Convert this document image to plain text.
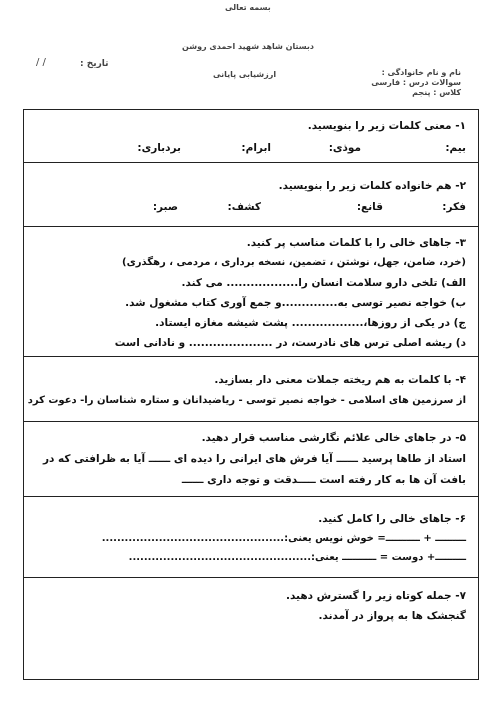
بسمه تعالی
دبستان شاهد شهید احمدی روشن
ارزشیابی پایانی
تاریخ :
/ /
نام و نام خانوادگی :
سوالات درس : فارسی
کلاس : پنجم
۱- معنی کلمات زیر را بنویسید.
بیم:
موذی:
ابرام:
بردباری:
۲- هم خانواده کلمات زیر را بنویسید.
فکر:
قانع:
کشف:
صبر:
۳- جاهای خالی را با کلمات مناسب پر کنید.
(خرد، ضامن، جهل، نوشتن ، تضمین، نسخه برداری ، مردمی ، رهگذری)
الف) تلخی دارو سلامت انسان را.................. می کند.
ب) خواجه نصیر توسی به..............و جمع آوری کتاب مشغول شد.
ج) در یکی از روزها،.................. پشت شیشه مغازه ایستاد.
د) ریشه اصلی ترس های نادرست، در ..................... و نادانی است
۴- با کلمات به هم ریخته جملات معنی دار بسازید.
از سرزمین های اسلامی - خواجه نصیر توسی - ریاضیدانان و ستاره شناسان را- دعوت کرد
۵- در جاهای خالی علائم نگارشی مناسب قرار دهید.
استاد از طاها پرسید ــــــ آیا فرش های ایرانی را دیده ای ــــــ آیا به ظرافتی که در
بافت آن ها به کار رفته است ـــــدقت و توجه داری ــــــ
۶- جاهای خالی را کامل کنید.
ـــــــــ + ــــــــــ= خوش نویس یعنی:................................................
ـــــــــ+ دوست = ــــــــــ یعنی:................................................
۷- جمله کوتاه زیر را گسترش دهید.
گنجشک ها به پرواز در آمدند.
